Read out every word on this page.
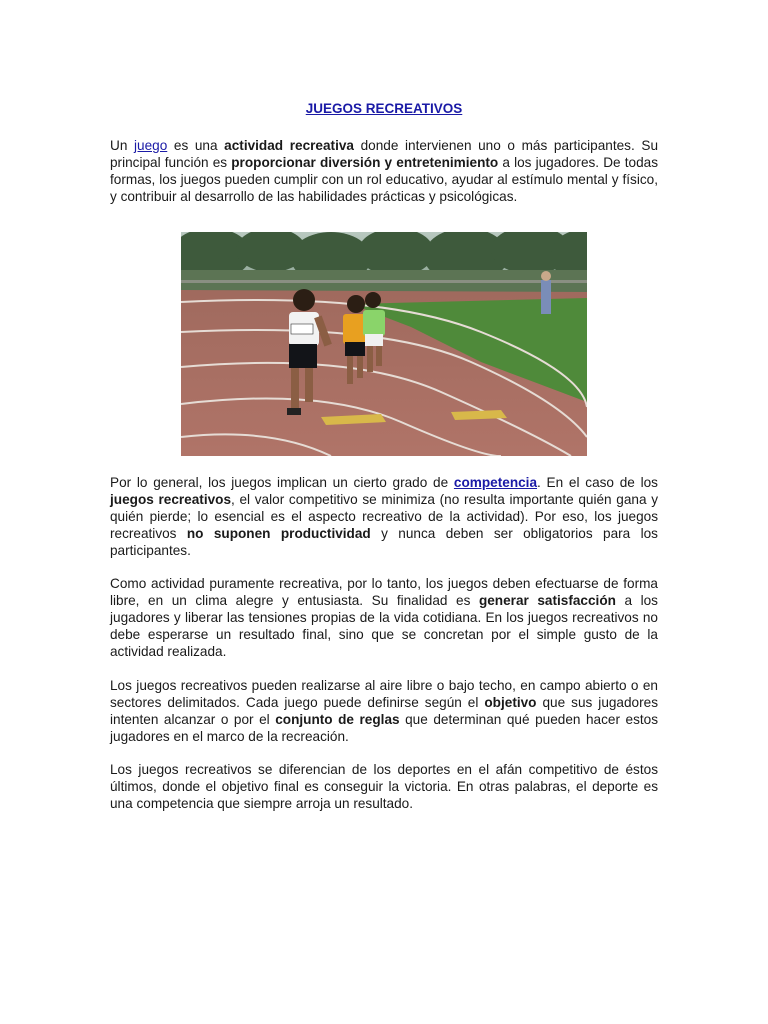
JUEGOS RECREATIVOS

Un juego es una actividad recreativa donde intervienen uno o más participantes. Su principal función es proporcionar diversión y entretenimiento a los jugadores. De todas formas, los juegos pueden cumplir con un rol educativo, ayudar al estímulo mental y físico, y contribuir al desarrollo de las habilidades prácticas y psicológicas.

Por lo general, los juegos implican un cierto grado de competencia. En el caso de los juegos recreativos, el valor competitivo se minimiza (no resulta importante quién gana y quién pierde; lo esencial es el aspecto recreativo de la actividad). Por eso, los juegos recreativos no suponen productividad y nunca deben ser obligatorios para los participantes.

Como actividad puramente recreativa, por lo tanto, los juegos deben efectuarse de forma libre, en un clima alegre y entusiasta. Su finalidad es generar satisfacción a los jugadores y liberar las tensiones propias de la vida cotidiana. En los juegos recreativos no debe esperarse un resultado final, sino que se concretan por el simple gusto de la actividad realizada.

Los juegos recreativos pueden realizarse al aire libre o bajo techo, en campo abierto o en sectores delimitados. Cada juego puede definirse según el objetivo que sus jugadores intenten alcanzar o por el conjunto de reglas que determinan qué pueden hacer estos jugadores en el marco de la recreación.

Los juegos recreativos se diferencian de los deportes en el afán competitivo de éstos últimos, donde el objetivo final es conseguir la victoria. En otras palabras, el deporte es una competencia que siempre arroja un resultado.
